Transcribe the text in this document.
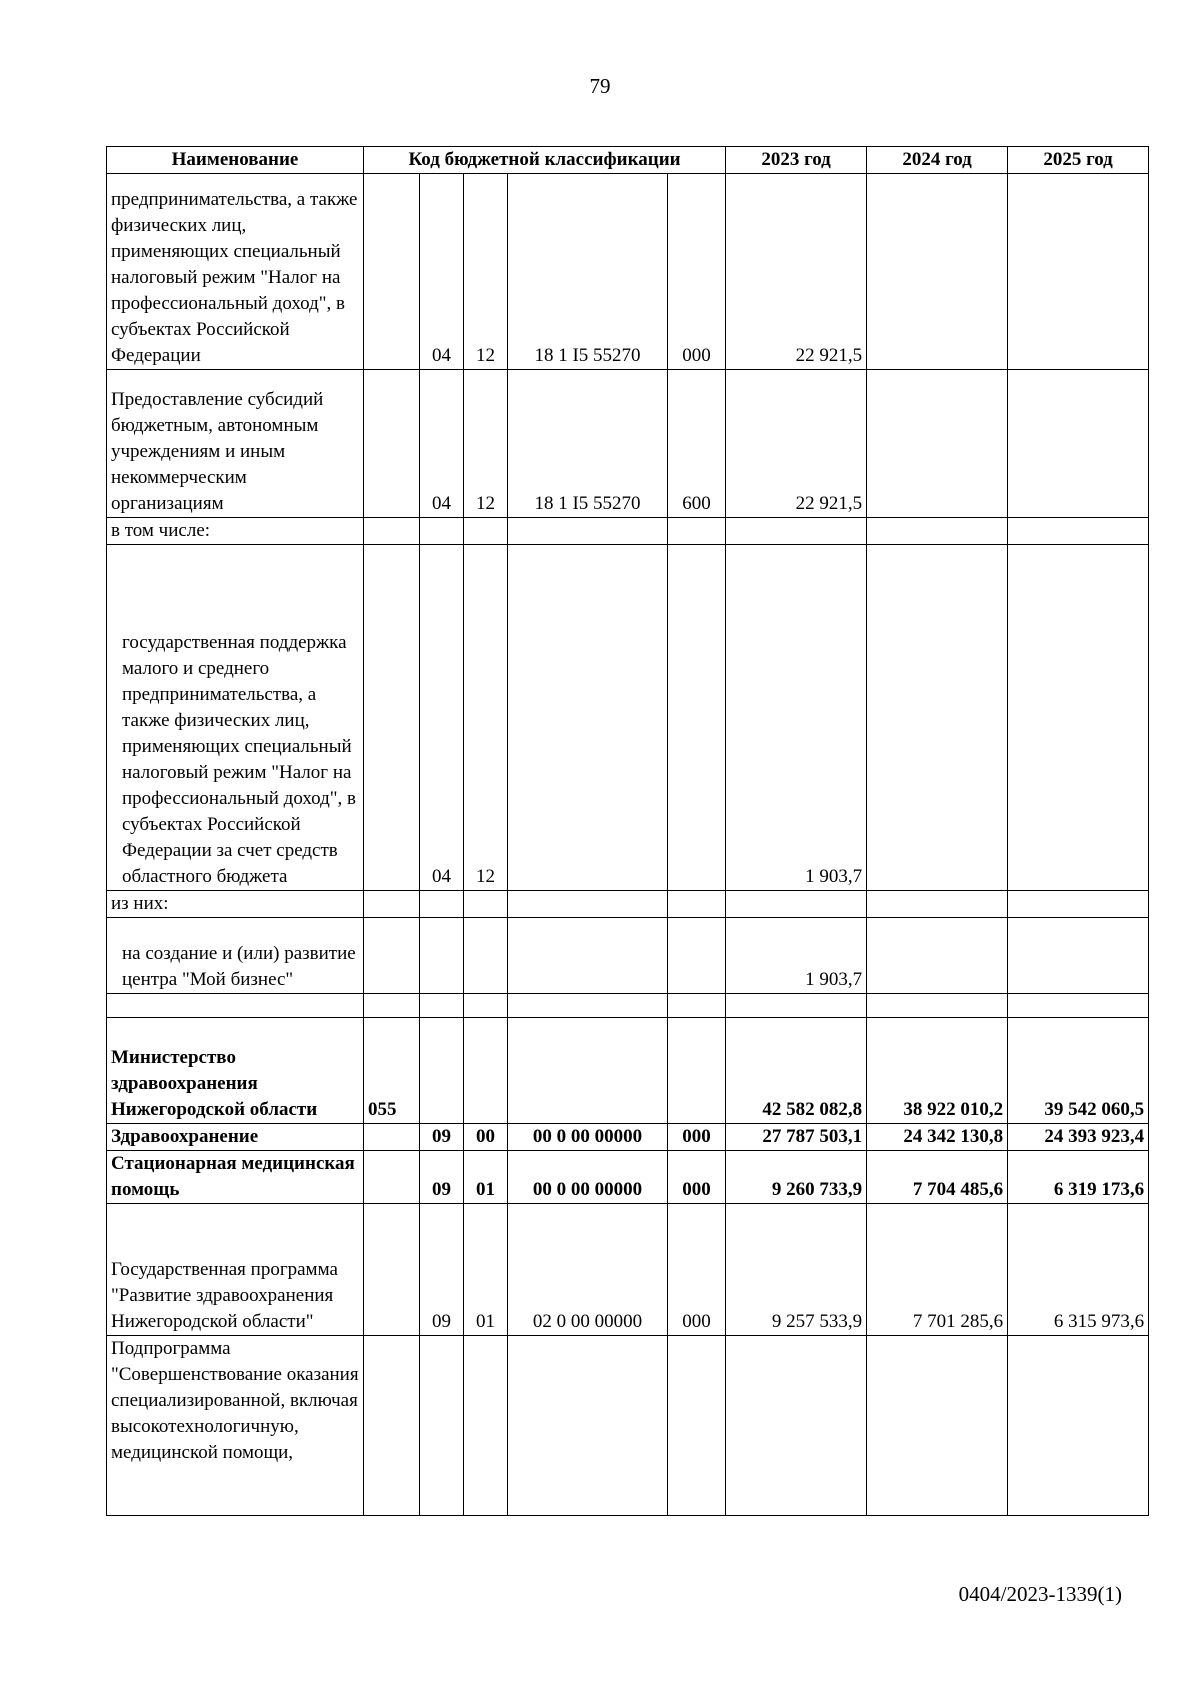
79
Наименование	Код бюджетной классификации					2023 год	2024 год	2025 год
предпринимательства, а также физических лиц, применяющих специальный налоговый режим "Налог на профессиональный доход", в субъектах Российской Федерации		04	12	18 1 I5 55270	000	22 921,5		
Предоставление субсидий бюджетным, автономным учреждениям и иным некоммерческим организациям		04	12	18 1 I5 55270	600	22 921,5		
в том числе:								
государственная поддержка малого и среднего предпринимательства, а также физических лиц, применяющих специальный налоговый режим "Налог на профессиональный доход", в субъектах Российской Федерации за счет средств областного бюджета		04	12			1 903,7		
из них:								
на создание и (или) развитие центра "Мой бизнес"						1 903,7		

Министерство здравоохранения Нижегородской области	055					42 582 082,8	38 922 010,2	39 542 060,5
Здравоохранение		09	00	00 0 00 00000	000	27 787 503,1	24 342 130,8	24 393 923,4
Стационарная медицинская помощь		09	01	00 0 00 00000	000	9 260 733,9	7 704 485,6	6 319 173,6
Государственная программа "Развитие здравоохранения Нижегородской области"		09	01	02 0 00 00000	000	9 257 533,9	7 701 285,6	6 315 973,6
Подпрограмма "Совершенствование оказания специализированной, включая высокотехнологичную, медицинской помощи,								
0404/2023-1339(1)
